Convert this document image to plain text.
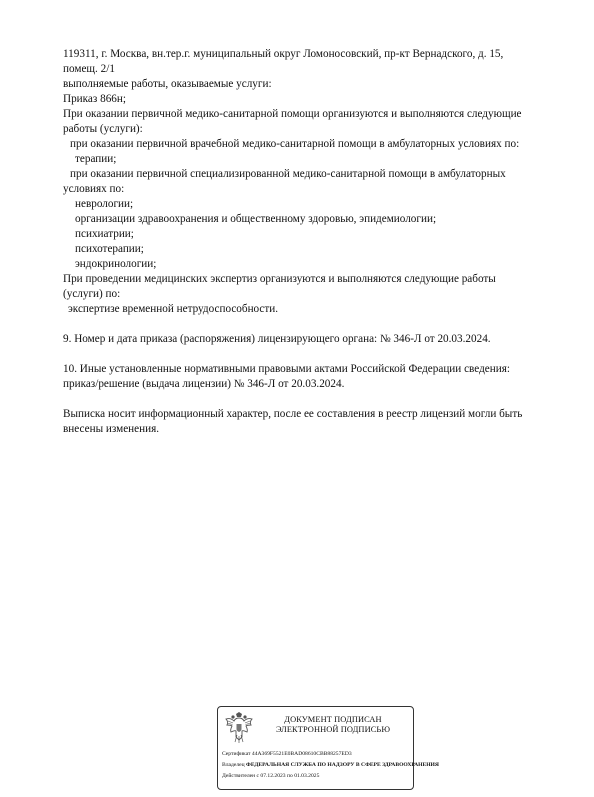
119311, г. Москва, вн.тер.г. муниципальный округ Ломоносовский, пр-кт Вернадского, д. 15,
помещ. 2/1
выполняемые работы, оказываемые услуги:
Приказ 866н;
При оказании первичной медико-санитарной помощи организуются и выполняются следующие
работы (услуги):
при оказании первичной врачебной медико-санитарной помощи в амбулаторных условиях по:
терапии;
при оказании первичной специализированной медико-санитарной помощи в амбулаторных
условиях по:
неврологии;
организации здравоохранения и общественному здоровью, эпидемиологии;
психиатрии;
психотерапии;
эндокринологии;
При проведении медицинских экспертиз организуются и выполняются следующие работы
(услуги) по:
экспертизе временной нетрудоспособности.
9. Номер и дата приказа (распоряжения) лицензирующего органа: № 346-Л от 20.03.2024.
10. Иные установленные нормативными правовыми актами Российской Федерации сведения:
приказ/решение (выдача лицензии) № 346-Л от 20.03.2024.
Выписка носит информационный характер, после ее составления в реестр лицензий могли быть
внесены изменения.
ДОКУМЕНТ ПОДПИСАН
ЭЛЕКТРОННОЙ ПОДПИСЬЮ
Сертификат 44A369F5521E0BAD08610CBB88257ED3
Владелец ФЕДЕРАЛЬНАЯ СЛУЖБА ПО НАДЗОРУ В СФЕРЕ ЗДРАВООХРАНЕНИЯ
Действителен с 07.12.2023 по 01.03.2025
